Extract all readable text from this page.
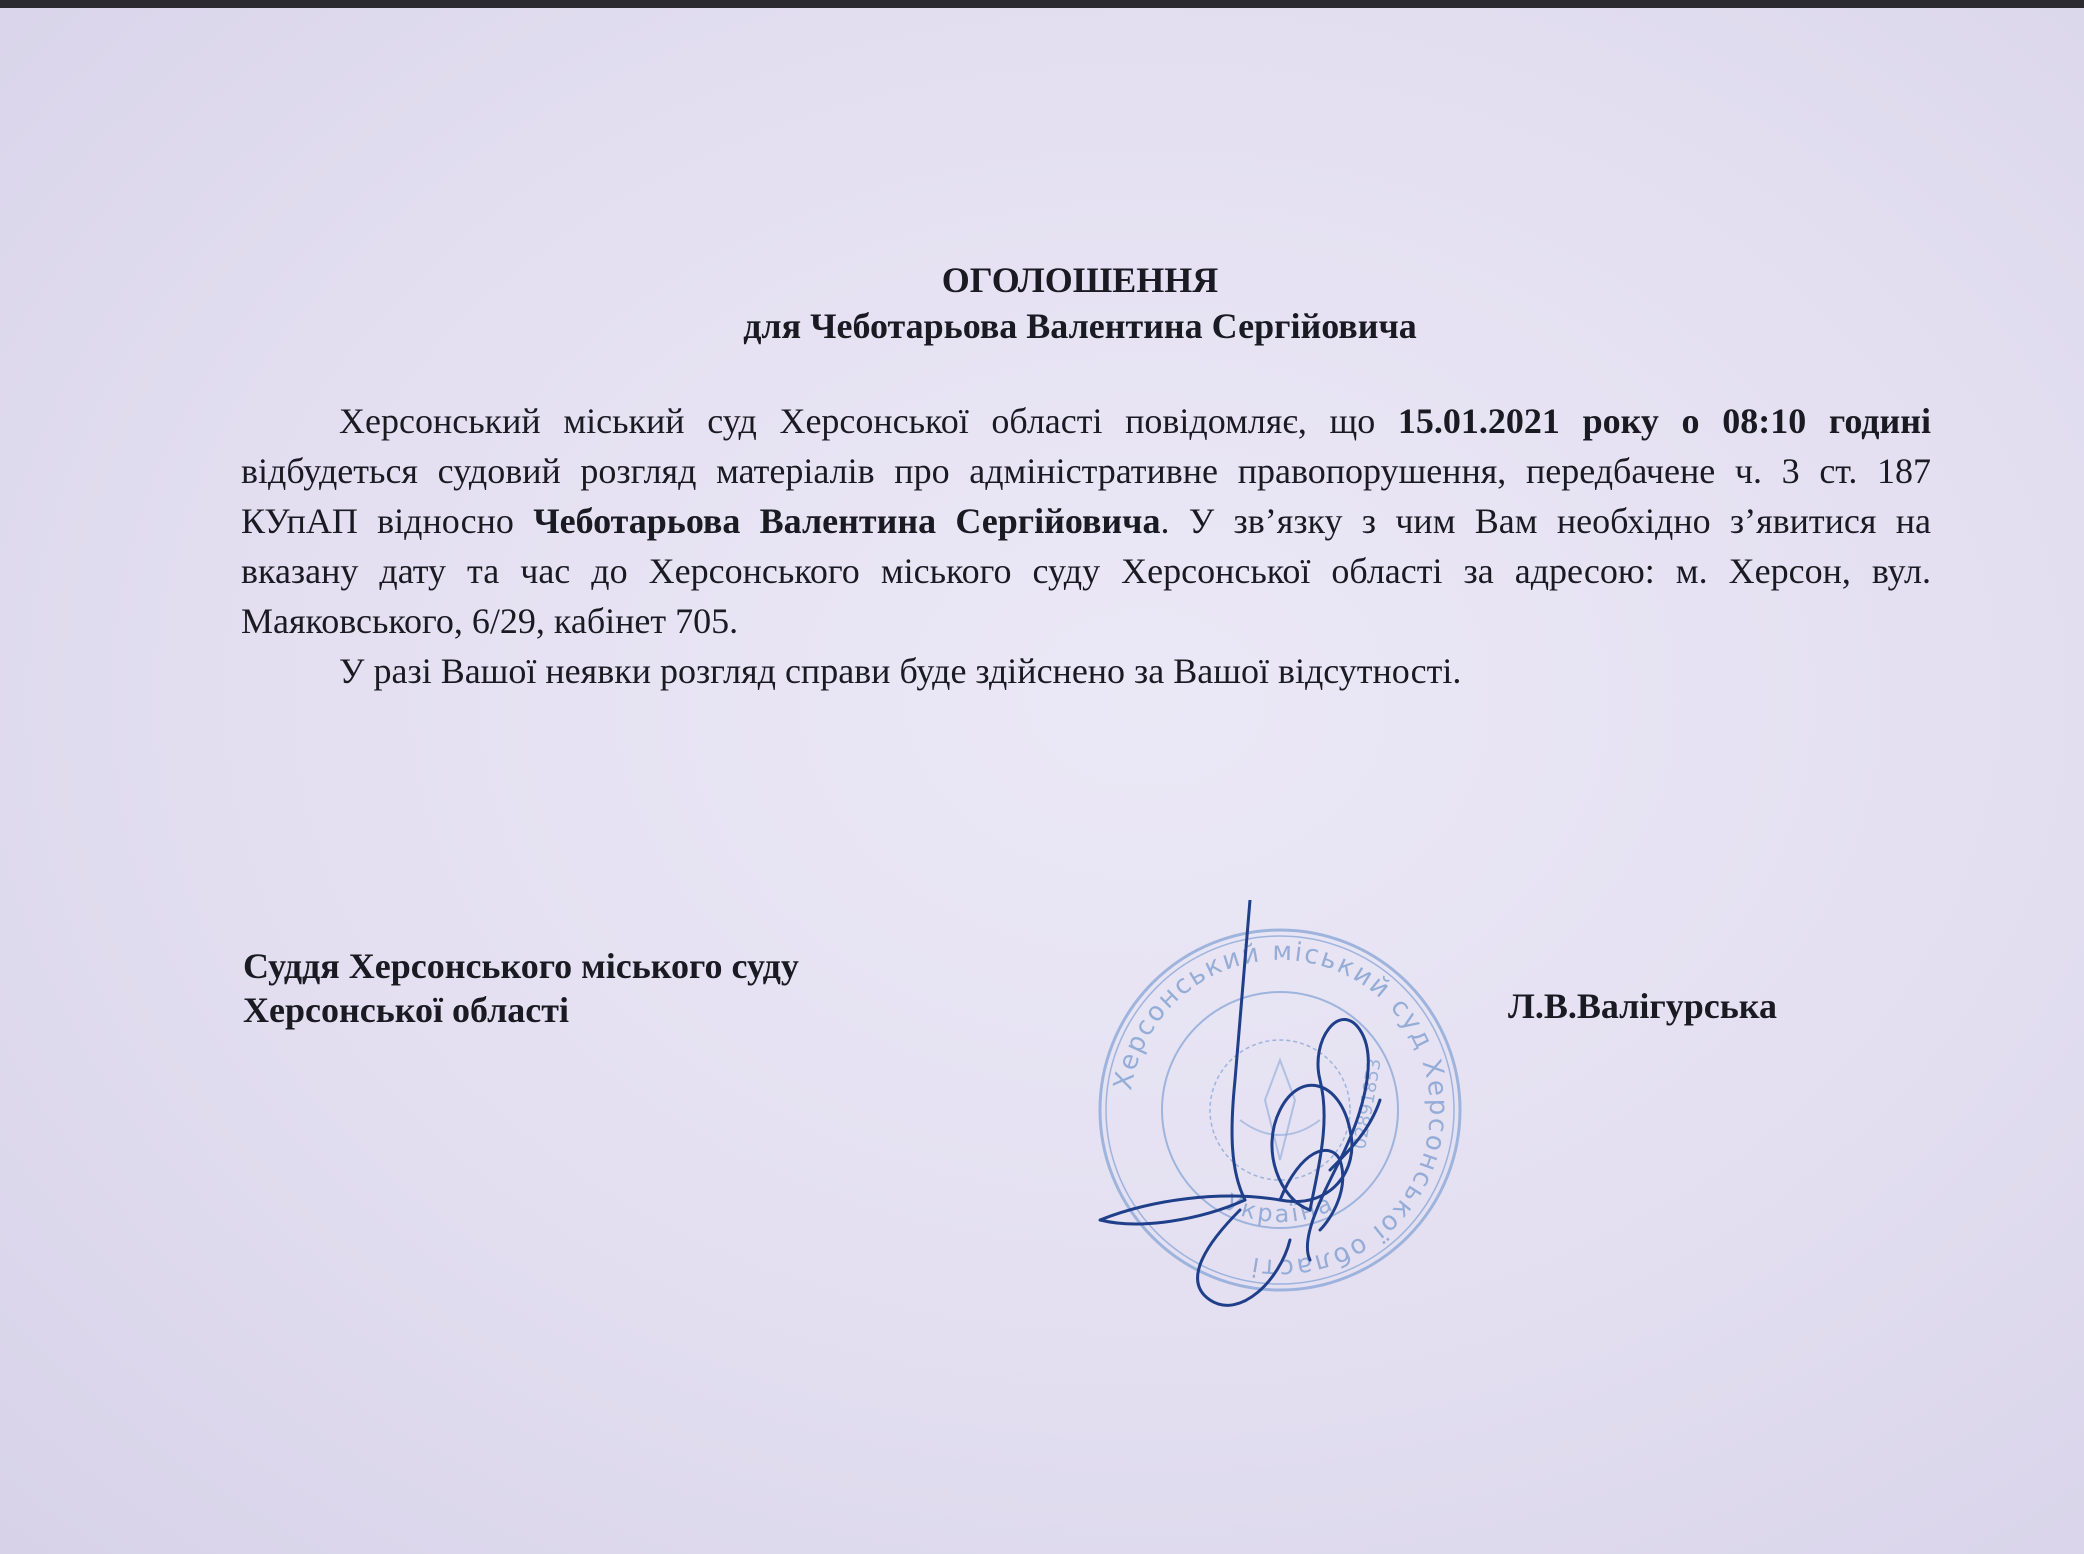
ОГОЛОШЕННЯ
для Чеботарьова Валентина Сергійовича

Херсонський міський суд Херсонської області повідомляє, що 15.01.2021 року о 08:10 годині відбудеться судовий розгляд матеріалів про адміністративне правопорушення, передбачене ч. 3 ст. 187 КУпАП відносно Чеботарьова Валентина Сергійовича. У зв’язку з чим Вам необхідно з’явитися на вказану дату та час до Херсонського міського суду Херсонської області за адресою: м. Херсон, вул. Маяковського, 6/29, кабінет 705.

У разі Вашої неявки розгляд справи буде здійснено за Вашої відсутності.

Суддя Херсонського міського суду
Херсонської області	Л.В.Валігурська
Херсонський міський суд Херсонської області
Україна
02891853
